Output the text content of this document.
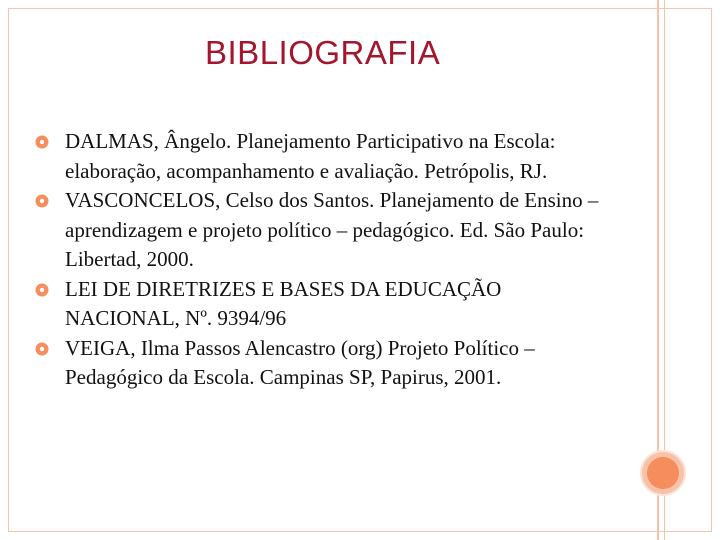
BIBLIOGRAFIA
DALMAS, Ângelo. Planejamento Participativo na Escola: elaboração, acompanhamento e avaliação. Petrópolis, RJ.
VASCONCELOS, Celso dos Santos. Planejamento de Ensino – aprendizagem e projeto político – pedagógico. Ed. São Paulo: Libertad, 2000.
LEI DE DIRETRIZES E BASES DA EDUCAÇÃO NACIONAL, Nº. 9394/96
VEIGA, Ilma Passos Alencastro (org) Projeto Político – Pedagógico da Escola. Campinas SP, Papirus, 2001.
